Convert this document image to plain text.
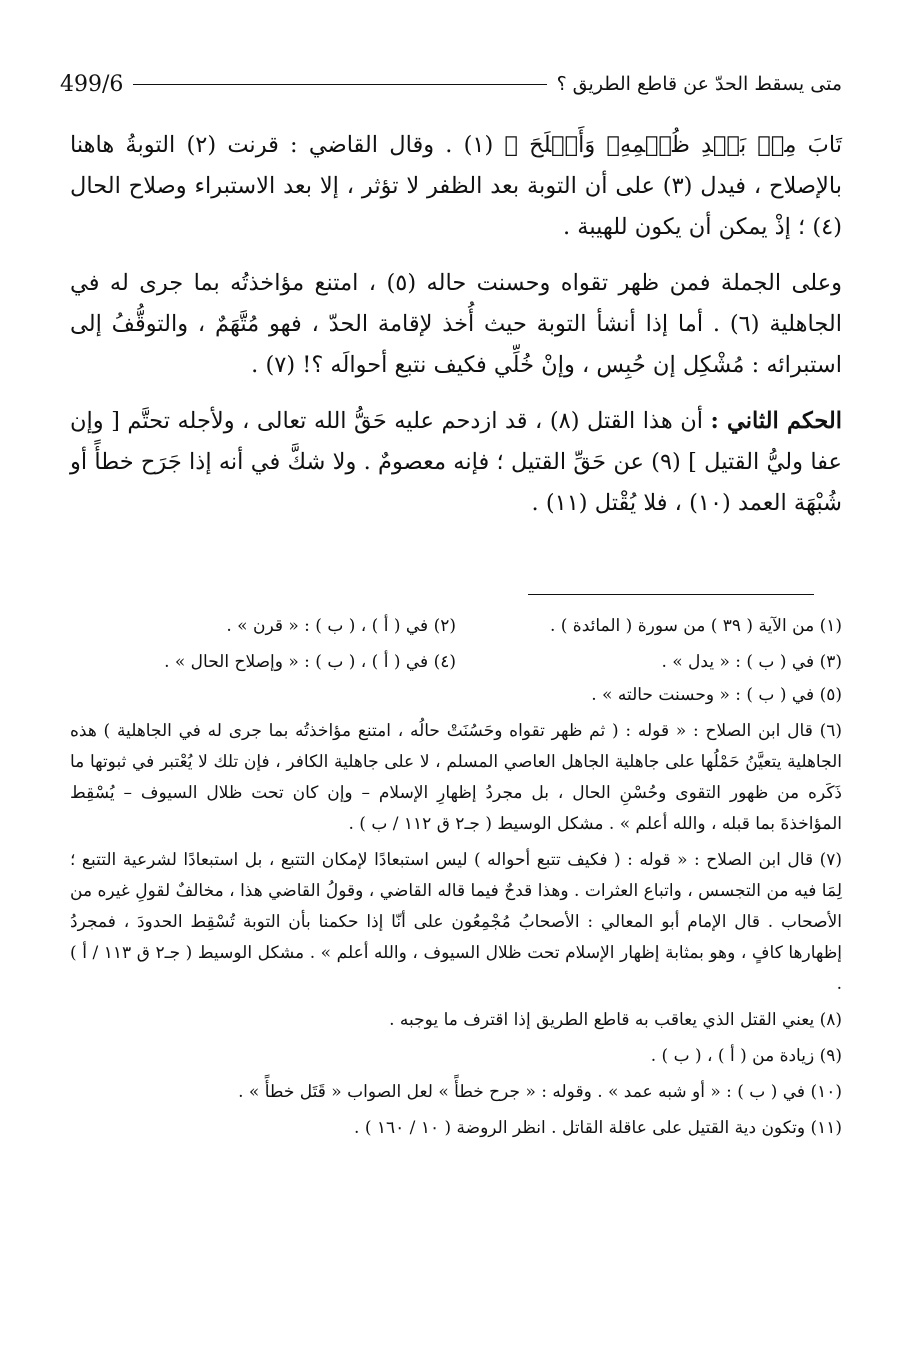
متى يسقط الحدّ عن قاطع الطريق ؟
499/6

تَابَ مِنۢ بَعۡدِ ظُلۡمِهِۦ وَأَصۡلَحَ ﴾ (١) . وقال القاضي : قرنت (٢) التوبةُ هاهنا بالإصلاح ، فيدل (٣) على أن التوبة بعد الظفر لا تؤثر ، إلا بعد الاستبراء وصلاح الحال (٤) ؛ إذْ يمكن أن يكون للهيبة .

وعلى الجملة فمن ظهر تقواه وحسنت حاله (٥) ، امتنع مؤاخذتُه بما جرى له في الجاهلية (٦) . أما إذا أنشأ التوبة حيث أُخذ لإقامة الحدّ ، فهو مُتَّهَمٌ ، والتوقُّفُ إلى استبرائه : مُشْكِل إن حُبِس ، وإنْ خُلِّي فكيف نتبع أحوالَه ؟! (٧) .

الحكم الثاني : أن هذا القتل (٨) ، قد ازدحم عليه حَقُّ الله تعالى ، ولأجله تحتَّم [ وإن عفا وليُّ القتيل ] (٩) عن حَقِّ القتيل ؛ فإنه معصومٌ . ولا شكَّ في أنه إذا جَرَح خطأً أو شُبْهَة العمد (١٠) ، فلا يُقْتل (١١) .

(١) من الآية ( ٣٩ ) من سورة ( المائدة ) .
(٢) في ( أ ) ، ( ب ) : « قرن » .
(٣) في ( ب ) : « يدل » .
(٤) في ( أ ) ، ( ب ) : « وإصلاح الحال » .

(٥) في ( ب ) : « وحسنت حالته » .

(٦) قال ابن الصلاح : « قوله : ( ثم ظهر تقواه وحَسُنَتْ حالُه ، امتنع مؤاخذتُه بما جرى له في الجاهلية ) هذه الجاهلية يتعيَّنُ حَمْلُها على جاهلية الجاهل العاصي المسلم ، لا على جاهلية الكافر ، فإن تلك لا يُعْتبر في ثبوتها ما ذَكَره من ظهور التقوى وحُسْنِ الحال ، بل مجردُ إظهارِ الإسلام – وإن كان تحت ظلال السيوف – يُسْقِط المؤاخذةَ بما قبله ، والله أعلم » . مشكل الوسيط ( جـ٢ ق ١١٢ / ب ) .

(٧) قال ابن الصلاح : « قوله : ( فكيف تتبع أحواله ) ليس استبعادًا لإمكان التتبع ، بل استبعادًا لشرعية التتبع ؛ لِمَا فيه من التجسس ، واتباع العثرات . وهذا قدحٌ فيما قاله القاضي ، وقولُ القاضي هذا ، مخالفٌ لقولِ غيره من الأصحاب . قال الإمام أبو المعالي : الأصحابُ مُجْمِعُون على أنّا إذا حكمنا بأن التوبة تُسْقِط الحدودَ ، فمجردُ إظهارها كافٍ ، وهو بمثابة إظهار الإسلام تحت ظلال السيوف ، والله أعلم » . مشكل الوسيط ( جـ٢ ق ١١٣ / أ ) .

(٨) يعني القتل الذي يعاقب به قاطع الطريق إذا اقترف ما يوجبه .

(٩) زيادة من ( أ ) ، ( ب ) .

(١٠) في ( ب ) : « أو شبه عمد » . وقوله : « جرح خطأً » لعل الصواب « قَتَل خطأً » .

(١١) وتكون دية القتيل على عاقلة القاتل . انظر الروضة ( ١٠ / ١٦٠ ) .
